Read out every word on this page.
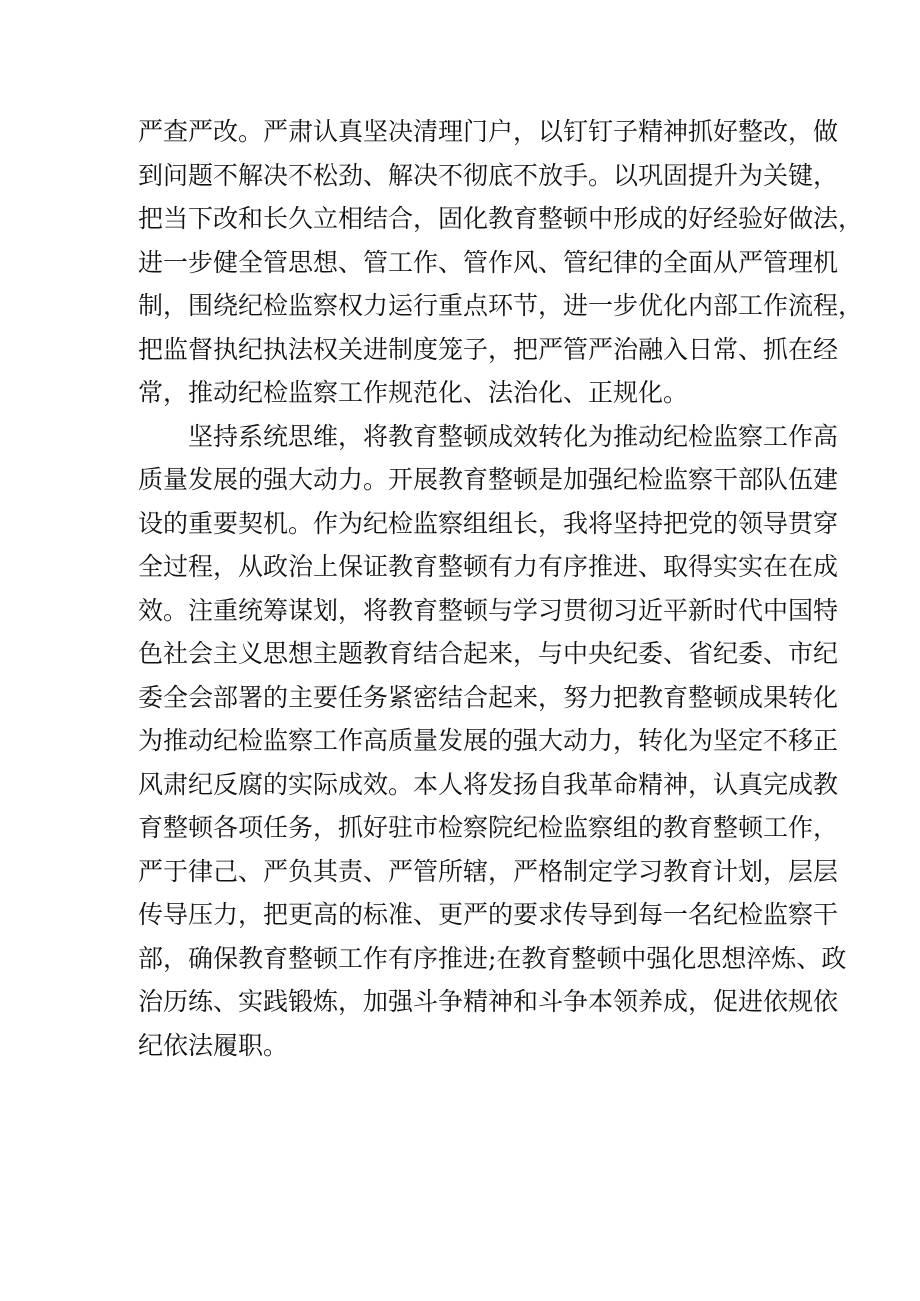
严查严改。严肃认真坚决清理门户，以钉钉子精神抓好整改，做
到问题不解决不松劲、解决不彻底不放手。以巩固提升为关键，
把当下改和长久立相结合，固化教育整顿中形成的好经验好做法，
进一步健全管思想、管工作、管作风、管纪律的全面从严管理机
制，围绕纪检监察权力运行重点环节，进一步优化内部工作流程，
把监督执纪执法权关进制度笼子，把严管严治融入日常、抓在经
常，推动纪检监察工作规范化、法治化、正规化。
坚持系统思维，将教育整顿成效转化为推动纪检监察工作高
质量发展的强大动力。开展教育整顿是加强纪检监察干部队伍建
设的重要契机。作为纪检监察组组长，我将坚持把党的领导贯穿
全过程，从政治上保证教育整顿有力有序推进、取得实实在在成
效。注重统筹谋划，将教育整顿与学习贯彻习近平新时代中国特
色社会主义思想主题教育结合起来，与中央纪委、省纪委、市纪
委全会部署的主要任务紧密结合起来，努力把教育整顿成果转化
为推动纪检监察工作高质量发展的强大动力，转化为坚定不移正
风肃纪反腐的实际成效。本人将发扬自我革命精神，认真完成教
育整顿各项任务，抓好驻市检察院纪检监察组的教育整顿工作，
严于律己、严负其责、严管所辖，严格制定学习教育计划，层层
传导压力，把更高的标准、更严的要求传导到每一名纪检监察干
部，确保教育整顿工作有序推进;在教育整顿中强化思想淬炼、政
治历练、实践锻炼，加强斗争精神和斗争本领养成，促进依规依
纪依法履职。
